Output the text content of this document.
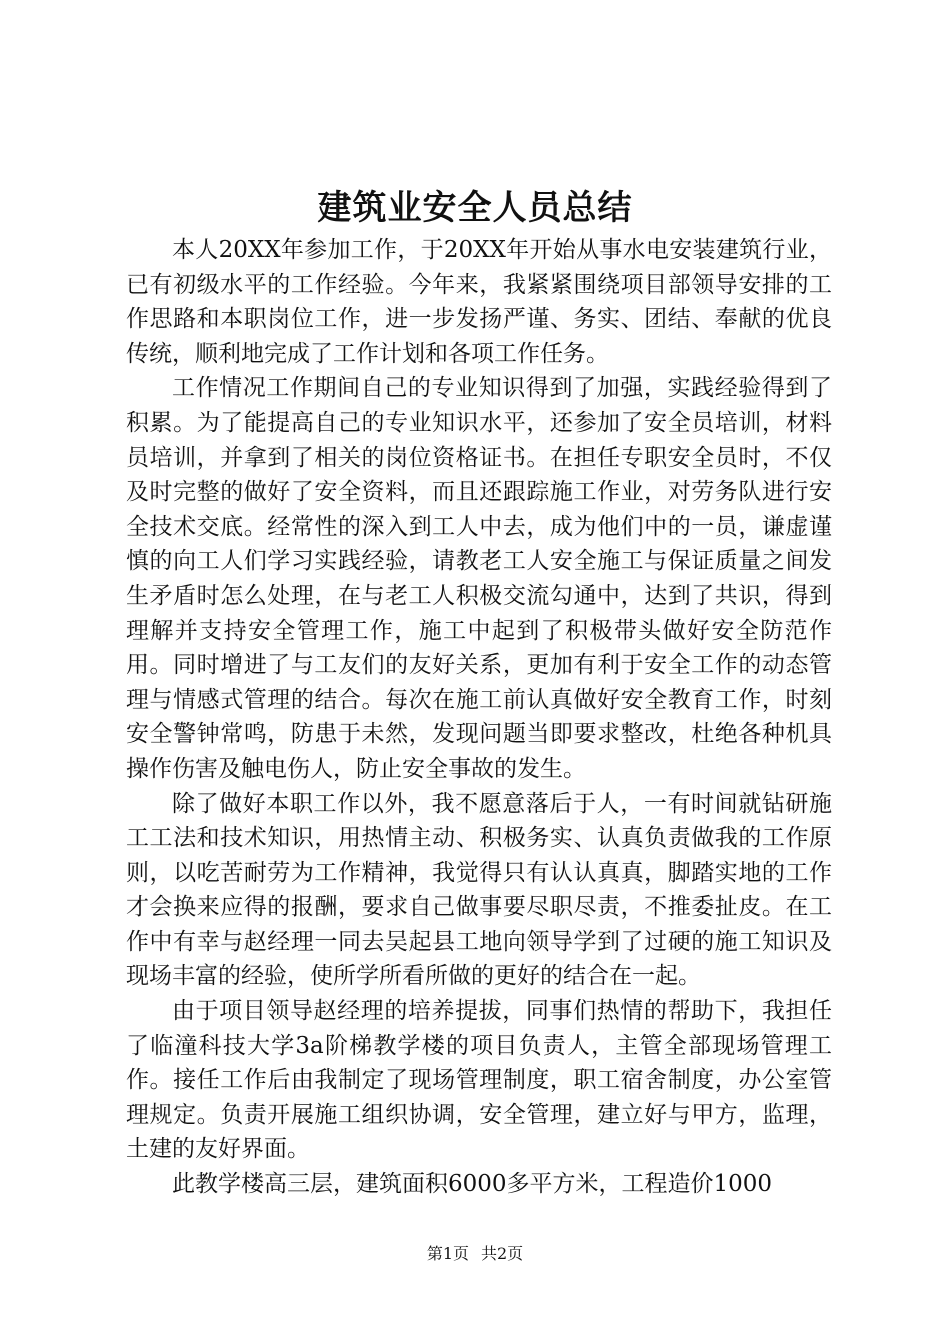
建筑业安全人员总结

本人20XX年参加工作，于20XX年开始从事水电安装建筑行业，已有初级水平的工作经验。今年来，我紧紧围绕项目部领导安排的工作思路和本职岗位工作，进一步发扬严谨、务实、团结、奉献的优良传统，顺利地完成了工作计划和各项工作任务。

工作情况工作期间自己的专业知识得到了加强，实践经验得到了积累。为了能提高自己的专业知识水平，还参加了安全员培训，材料员培训，并拿到了相关的岗位资格证书。在担任专职安全员时，不仅及时完整的做好了安全资料，而且还跟踪施工作业，对劳务队进行安全技术交底。经常性的深入到工人中去，成为他们中的一员，谦虚谨慎的向工人们学习实践经验，请教老工人安全施工与保证质量之间发生矛盾时怎么处理，在与老工人积极交流勾通中，达到了共识，得到理解并支持安全管理工作，施工中起到了积极带头做好安全防范作用。同时增进了与工友们的友好关系，更加有利于安全工作的动态管理与情感式管理的结合。每次在施工前认真做好安全教育工作，时刻安全警钟常鸣，防患于未然，发现问题当即要求整改，杜绝各种机具操作伤害及触电伤人，防止安全事故的发生。

除了做好本职工作以外，我不愿意落后于人，一有时间就钻研施工工法和技术知识，用热情主动、积极务实、认真负责做我的工作原则，以吃苦耐劳为工作精神，我觉得只有认认真真，脚踏实地的工作才会换来应得的报酬，要求自己做事要尽职尽责，不推委扯皮。在工作中有幸与赵经理一同去吴起县工地向领导学到了过硬的施工知识及现场丰富的经验，使所学所看所做的更好的结合在一起。

由于项目领导赵经理的培养提拔，同事们热情的帮助下，我担任了临潼科技大学3a阶梯教学楼的项目负责人，主管全部现场管理工作。接任工作后由我制定了现场管理制度，职工宿舍制度，办公室管理规定。负责开展施工组织协调，安全管理，建立好与甲方，监理，土建的友好界面。

此教学楼高三层，建筑面积6000多平方米，工程造价1000

第1页 共2页
